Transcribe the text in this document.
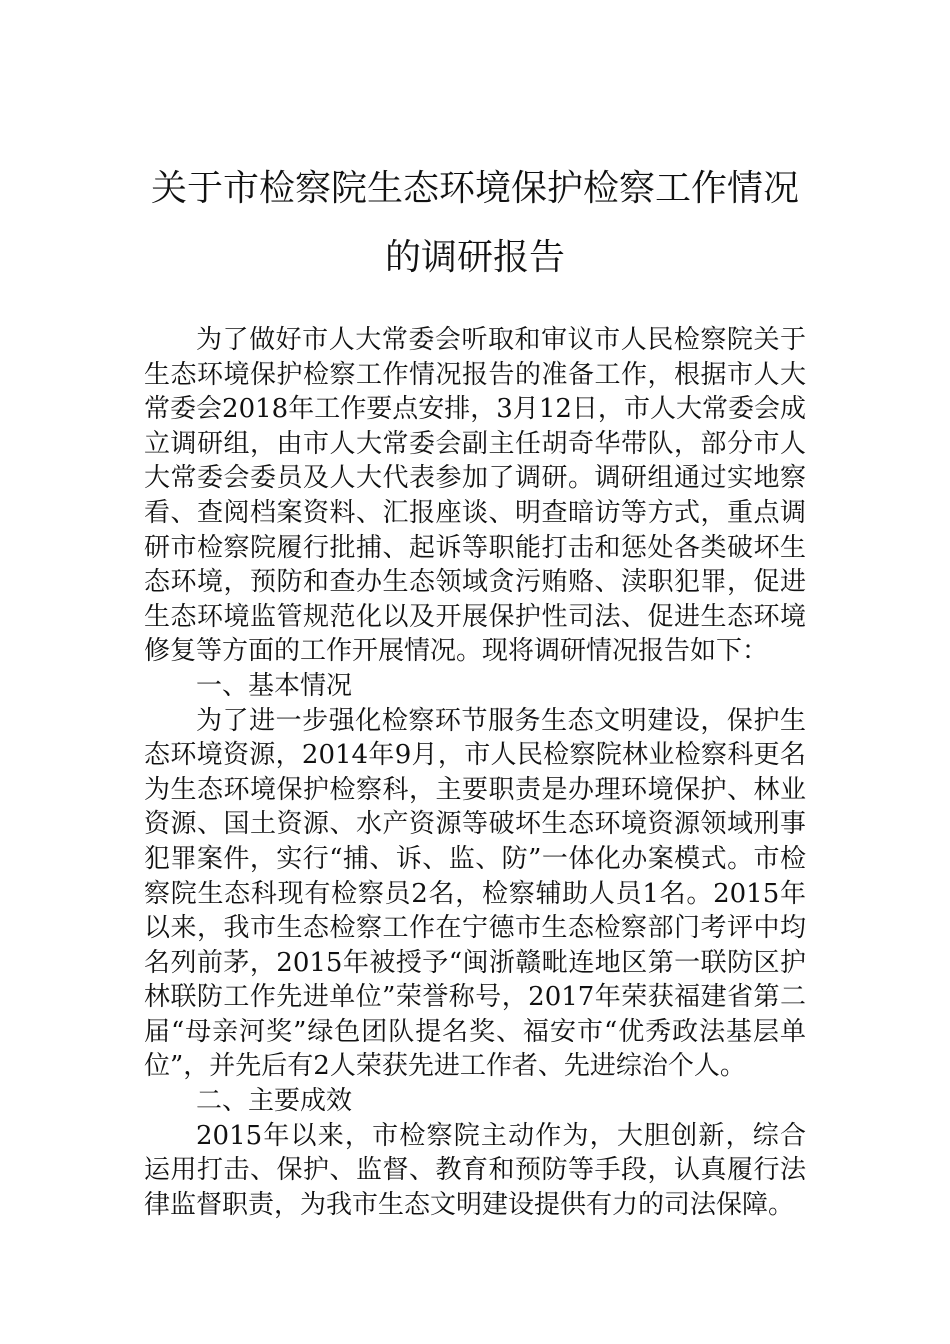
关于市检察院生态环境保护检察工作情况
的调研报告

为了做好市人大常委会听取和审议市人民检察院关于生态环境保护检察工作情况报告的准备工作，根据市人大常委会2018年工作要点安排，3月12日，市人大常委会成立调研组，由市人大常委会副主任胡奇华带队，部分市人大常委会委员及人大代表参加了调研。调研组通过实地察看、查阅档案资料、汇报座谈、明查暗访等方式，重点调研市检察院履行批捕、起诉等职能打击和惩处各类破坏生态环境，预防和查办生态领域贪污贿赂、渎职犯罪，促进生态环境监管规范化以及开展保护性司法、促进生态环境修复等方面的工作开展情况。现将调研情况报告如下：

一、基本情况

为了进一步强化检察环节服务生态文明建设，保护生态环境资源，2014年9月，市人民检察院林业检察科更名为生态环境保护检察科，主要职责是办理环境保护、林业资源、国土资源、水产资源等破坏生态环境资源领域刑事犯罪案件，实行“捕、诉、监、防”一体化办案模式。市检察院生态科现有检察员2名，检察辅助人员1名。2015年以来，我市生态检察工作在宁德市生态检察部门考评中均名列前茅，2015年被授予“闽浙赣毗连地区第一联防区护林联防工作先进单位”荣誉称号，2017年荣获福建省第二届“母亲河奖”绿色团队提名奖、福安市“优秀政法基层单位”，并先后有2人荣获先进工作者、先进综治个人。

二、主要成效

2015年以来，市检察院主动作为，大胆创新，综合运用打击、保护、监督、教育和预防等手段，认真履行法律监督职责，为我市生态文明建设提供有力的司法保障。
